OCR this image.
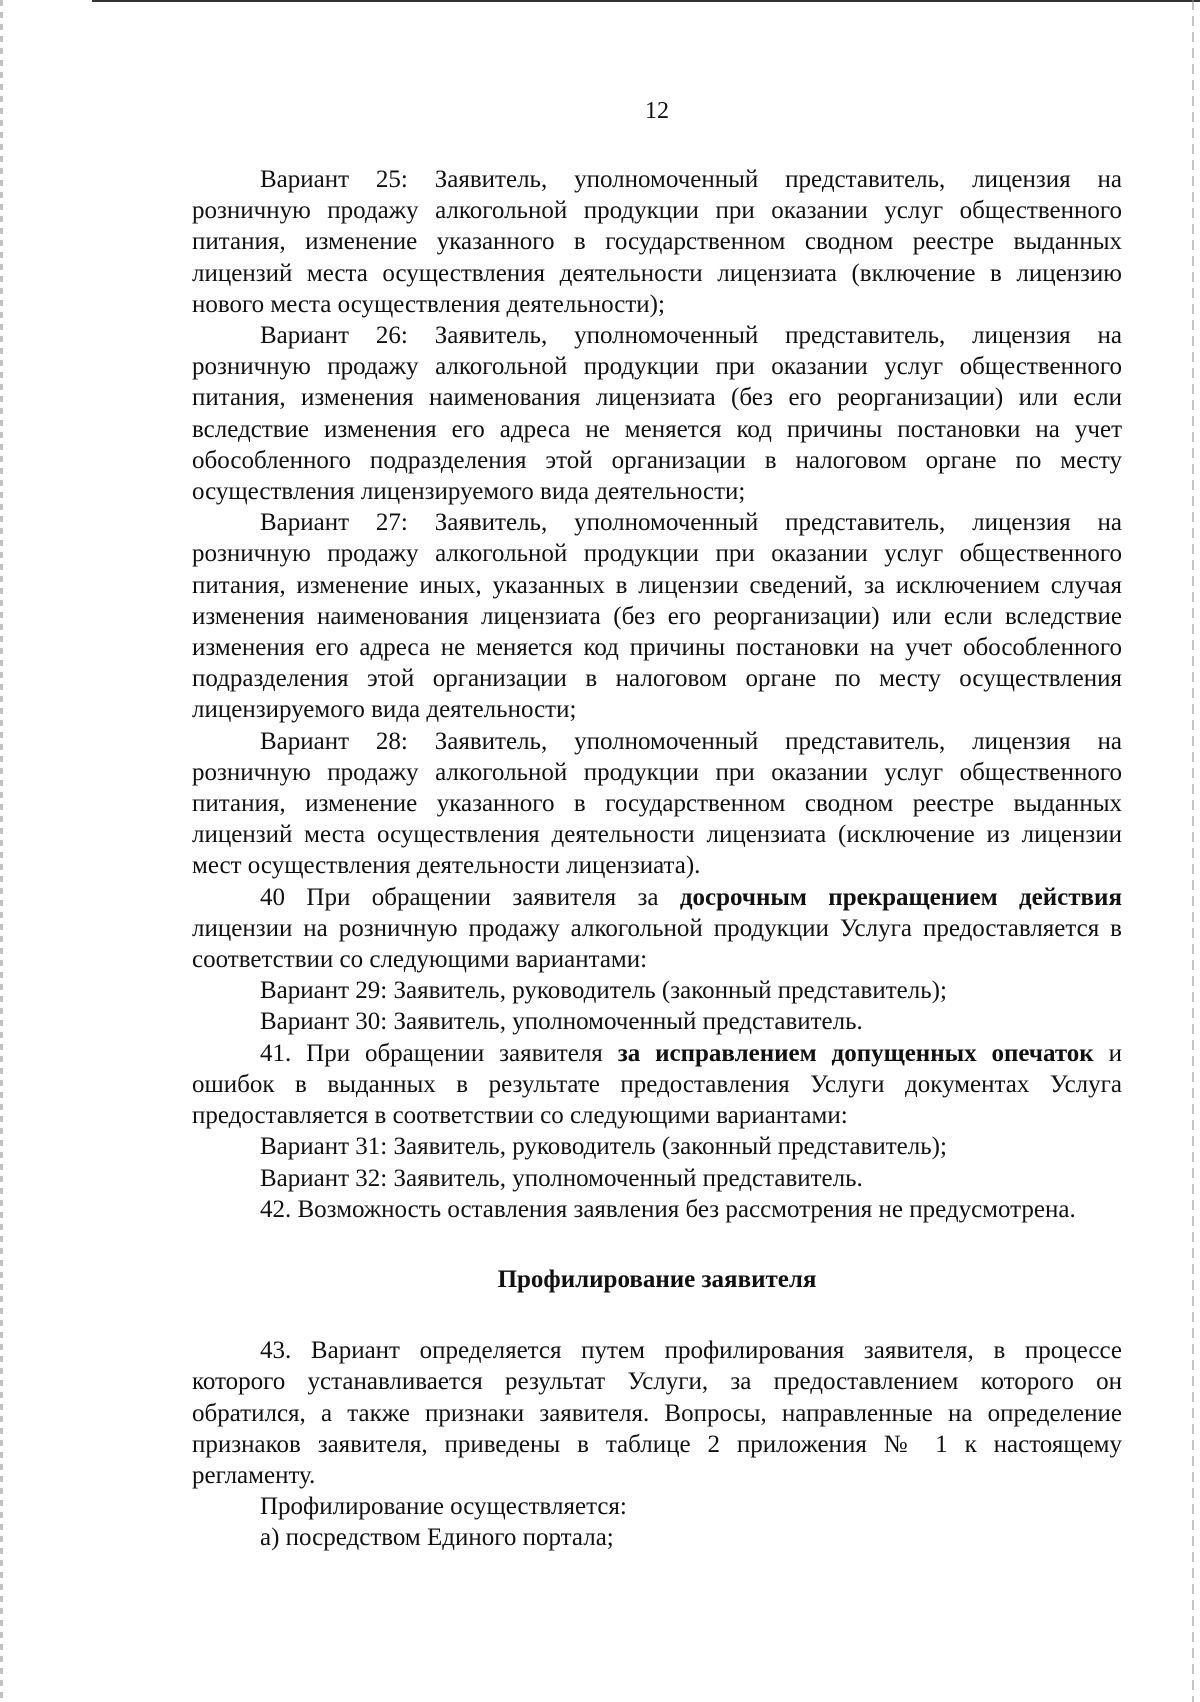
12

Вариант 25: Заявитель, уполномоченный представитель, лицензия на розничную продажу алкогольной продукции при оказании услуг общественного питания, изменение указанного в государственном сводном реестре выданных лицензий места осуществления деятельности лицензиата (включение в лицензию нового места осуществления деятельности);

Вариант 26: Заявитель, уполномоченный представитель, лицензия на розничную продажу алкогольной продукции при оказании услуг общественного питания, изменения наименования лицензиата (без его реорганизации) или если вследствие изменения его адреса не меняется код причины постановки на учет обособленного подразделения этой организации в налоговом органе по месту осуществления лицензируемого вида деятельности;

Вариант 27: Заявитель, уполномоченный представитель, лицензия на розничную продажу алкогольной продукции при оказании услуг общественного питания, изменение иных, указанных в лицензии сведений, за исключением случая изменения наименования лицензиата (без его реорганизации) или если вследствие изменения его адреса не меняется код причины постановки на учет обособленного подразделения этой организации в налоговом органе по месту осуществления лицензируемого вида деятельности;

Вариант 28: Заявитель, уполномоченный представитель, лицензия на розничную продажу алкогольной продукции при оказании услуг общественного питания, изменение указанного в государственном сводном реестре выданных лицензий места осуществления деятельности лицензиата (исключение из лицензии мест осуществления деятельности лицензиата).

40 При обращении заявителя за досрочным прекращением действия лицензии на розничную продажу алкогольной продукции Услуга предоставляется в соответствии со следующими вариантами:

Вариант 29: Заявитель, руководитель (законный представитель);

Вариант 30: Заявитель, уполномоченный представитель.

41. При обращении заявителя за исправлением допущенных опечаток и ошибок в выданных в результате предоставления Услуги документах Услуга предоставляется в соответствии со следующими вариантами:

Вариант 31: Заявитель, руководитель (законный представитель);

Вариант 32: Заявитель, уполномоченный представитель.

42. Возможность оставления заявления без рассмотрения не предусмотрена.

Профилирование заявителя

43. Вариант определяется путем профилирования заявителя, в процессе которого устанавливается результат Услуги, за предоставлением которого он обратился, а также признаки заявителя. Вопросы, направленные на определение признаков заявителя, приведены в таблице 2 приложения № 1 к настоящему регламенту.

Профилирование осуществляется:

а) посредством Единого портала;
